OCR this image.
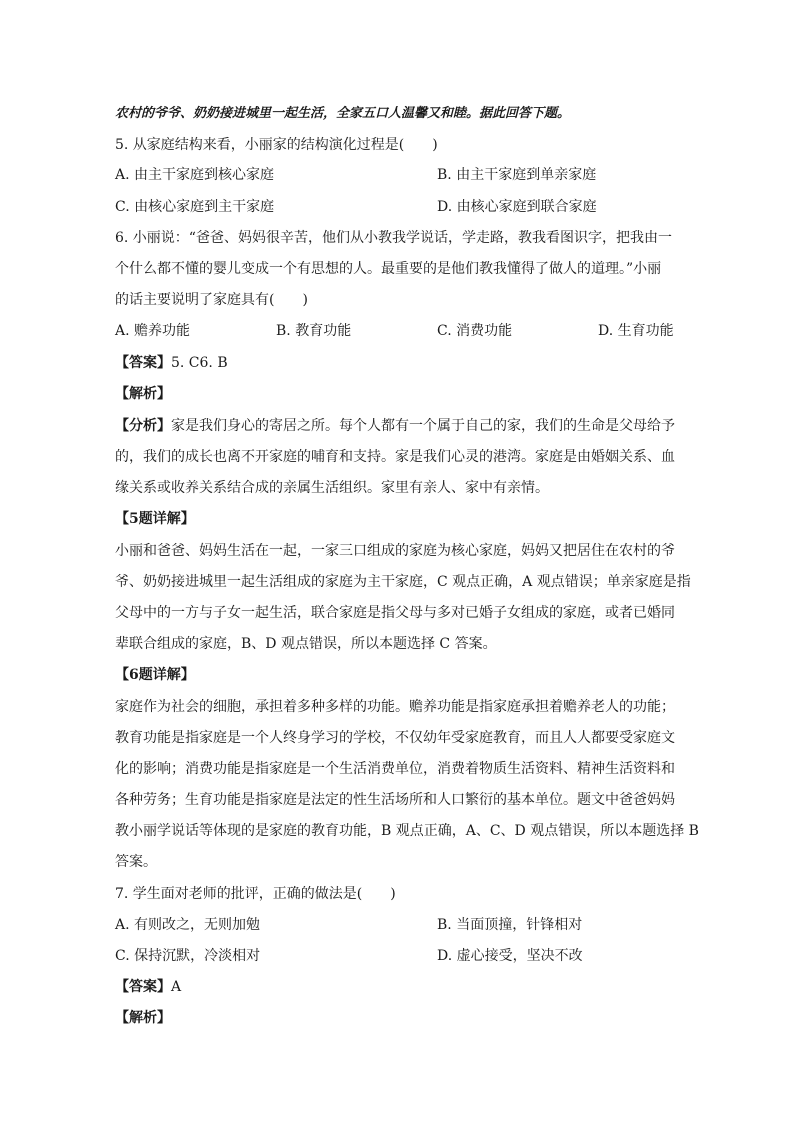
农村的爷爷、奶奶接进城里一起生活，全家五口人温馨又和睦。据此回答下题。
5. 从家庭结构来看，小丽家的结构演化过程是(　　)
A. 由主干家庭到核心家庭	B. 由主干家庭到单亲家庭
C. 由核心家庭到主干家庭	D. 由核心家庭到联合家庭
6. 小丽说：“爸爸、妈妈很辛苦，他们从小教我学说话，学走路，教我看图识字，把我由一
个什么都不懂的婴儿变成一个有思想的人。最重要的是他们教我懂得了做人的道理。”小丽
的话主要说明了家庭具有(　　)
A. 赡养功能	B. 教育功能	C. 消费功能	D. 生育功能
【答案】5. C6. B
【解析】
【分析】家是我们身心的寄居之所。每个人都有一个属于自己的家，我们的生命是父母给予
的，我们的成长也离不开家庭的哺育和支持。家是我们心灵的港湾。家庭是由婚姻关系、血
缘关系或收养关系结合成的亲属生活组织。家里有亲人、家中有亲情。
【5题详解】
小丽和爸爸、妈妈生活在一起，一家三口组成的家庭为核心家庭，妈妈又把居住在农村的爷
爷、奶奶接进城里一起生活组成的家庭为主干家庭，C 观点正确，A 观点错误；单亲家庭是指
父母中的一方与子女一起生活，联合家庭是指父母与多对已婚子女组成的家庭，或者已婚同
辈联合组成的家庭，B、D 观点错误，所以本题选择 C 答案。
【6题详解】
家庭作为社会的细胞，承担着多种多样的功能。赡养功能是指家庭承担着赡养老人的功能；
教育功能是指家庭是一个人终身学习的学校，不仅幼年受家庭教育，而且人人都要受家庭文
化的影响；消费功能是指家庭是一个生活消费单位，消费着物质生活资料、精神生活资料和
各种劳务；生育功能是指家庭是法定的性生活场所和人口繁衍的基本单位。题文中爸爸妈妈
教小丽学说话等体现的是家庭的教育功能，B 观点正确，A、C、D 观点错误，所以本题选择 B
答案。
7. 学生面对老师的批评，正确的做法是(　　)
A. 有则改之，无则加勉	B. 当面顶撞，针锋相对
C. 保持沉默，冷淡相对	D. 虚心接受，坚决不改
【答案】A
【解析】
